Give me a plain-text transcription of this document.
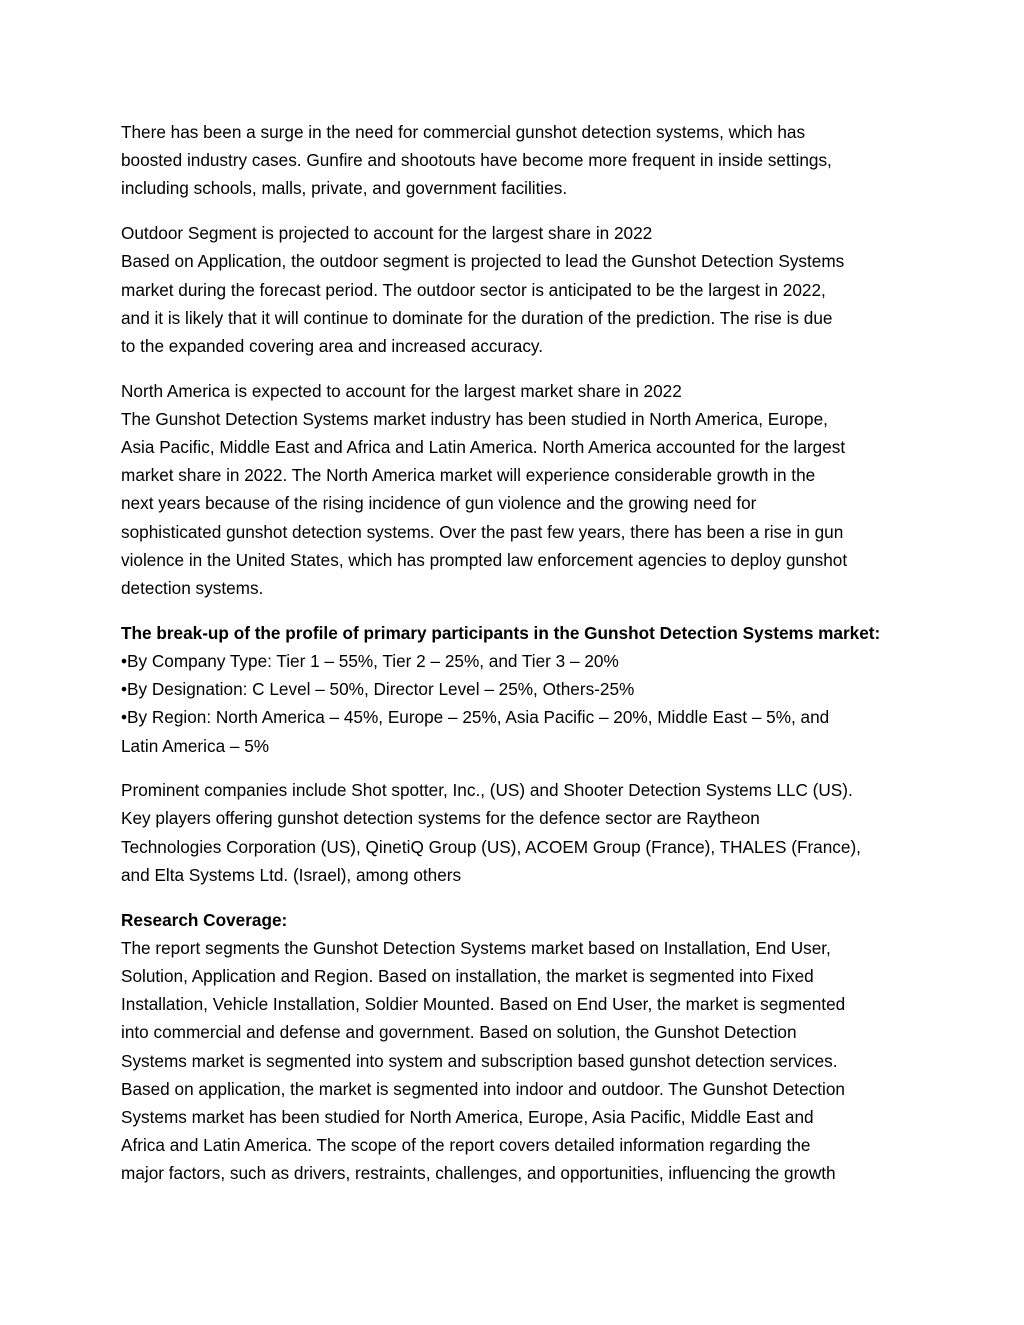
There has been a surge in the need for commercial gunshot detection systems, which has
boosted industry cases. Gunfire and shootouts have become more frequent in inside settings,
including schools, malls, private, and government facilities.
Outdoor Segment is projected to account for the largest share in 2022
Based on Application, the outdoor segment is projected to lead the Gunshot Detection Systems
market during the forecast period. The outdoor sector is anticipated to be the largest in 2022,
and it is likely that it will continue to dominate for the duration of the prediction. The rise is due
to the expanded covering area and increased accuracy.
North America is expected to account for the largest market share in 2022
The Gunshot Detection Systems market industry has been studied in North America, Europe,
Asia Pacific, Middle East and Africa and Latin America. North America accounted for the largest
market share in 2022. The North America market will experience considerable growth in the
next years because of the rising incidence of gun violence and the growing need for
sophisticated gunshot detection systems. Over the past few years, there has been a rise in gun
violence in the United States, which has prompted law enforcement agencies to deploy gunshot
detection systems.
The break-up of the profile of primary participants in the Gunshot Detection Systems market:
•By Company Type: Tier 1 – 55%, Tier 2 – 25%, and Tier 3 – 20%
•By Designation: C Level – 50%, Director Level – 25%, Others-25%
•By Region: North America – 45%, Europe – 25%, Asia Pacific – 20%, Middle East – 5%, and
Latin America – 5%
Prominent companies include Shot spotter, Inc., (US) and Shooter Detection Systems LLC (US).
Key players offering gunshot detection systems for the defence sector are Raytheon
Technologies Corporation (US), QinetiQ Group (US), ACOEM Group (France), THALES (France),
and Elta Systems Ltd. (Israel), among others
Research Coverage:
The report segments the Gunshot Detection Systems market based on Installation, End User,
Solution, Application and Region. Based on installation, the market is segmented into Fixed
Installation, Vehicle Installation, Soldier Mounted. Based on End User, the market is segmented
into commercial and defense and government. Based on solution, the Gunshot Detection
Systems market is segmented into system and subscription based gunshot detection services.
Based on application, the market is segmented into indoor and outdoor. The Gunshot Detection
Systems market has been studied for North America, Europe, Asia Pacific, Middle East and
Africa and Latin America. The scope of the report covers detailed information regarding the
major factors, such as drivers, restraints, challenges, and opportunities, influencing the growth
